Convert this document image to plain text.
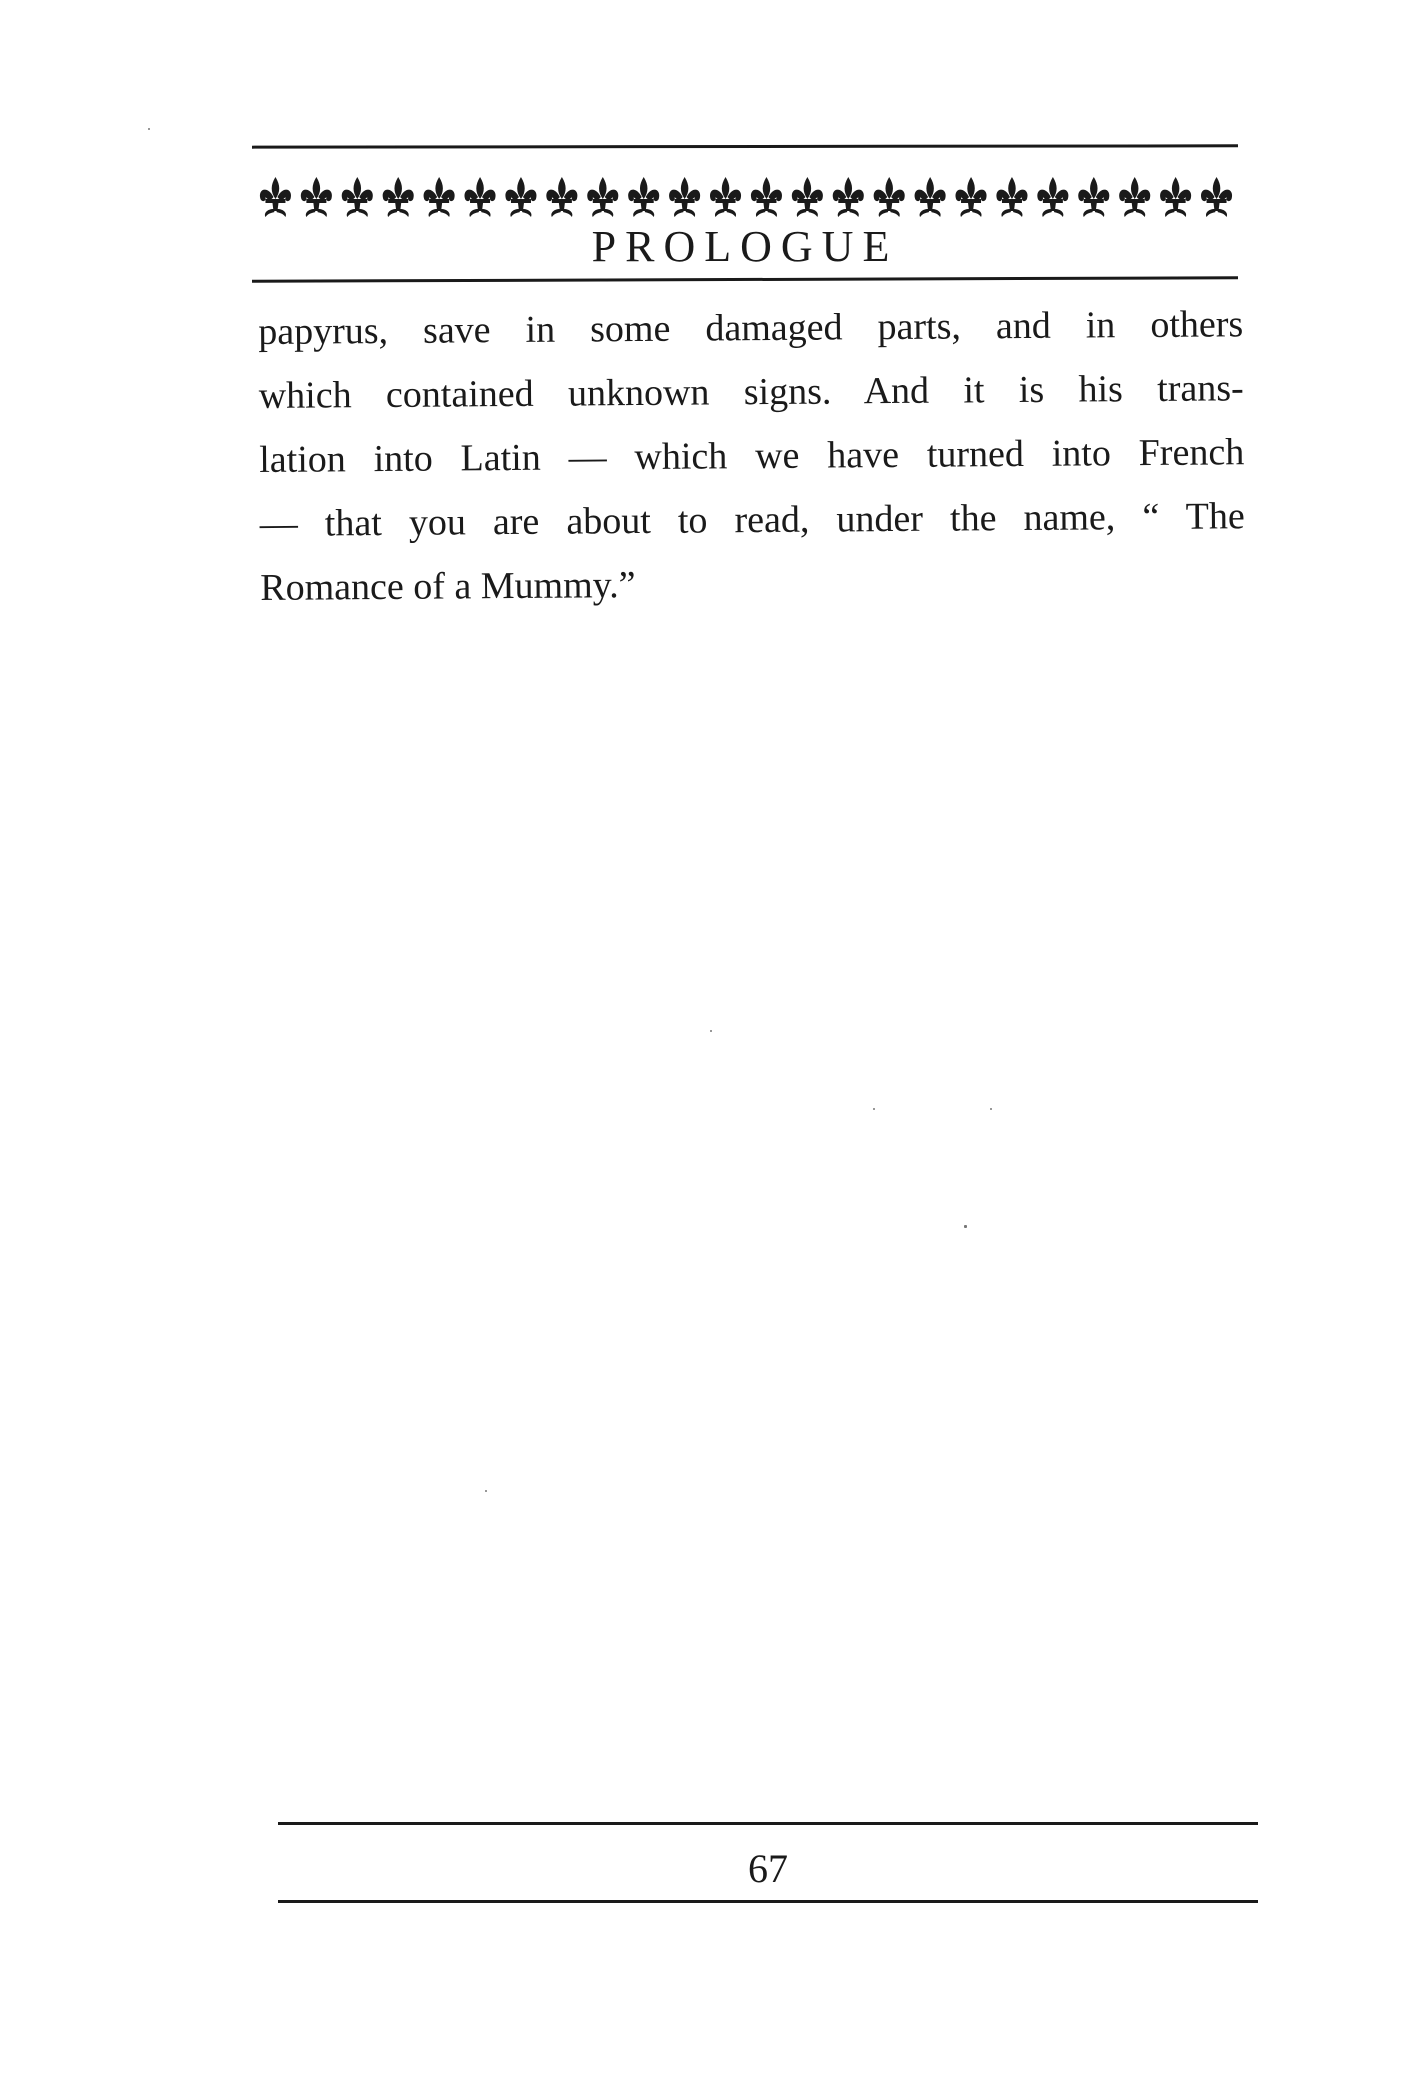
PROLOGUE
papyrus, save in some damaged parts, and in others
which contained unknown signs. And it is his trans-
lation into Latin — which we have turned into French
— that you are about to read, under the name, “ The
Romance of a Mummy.”
67
